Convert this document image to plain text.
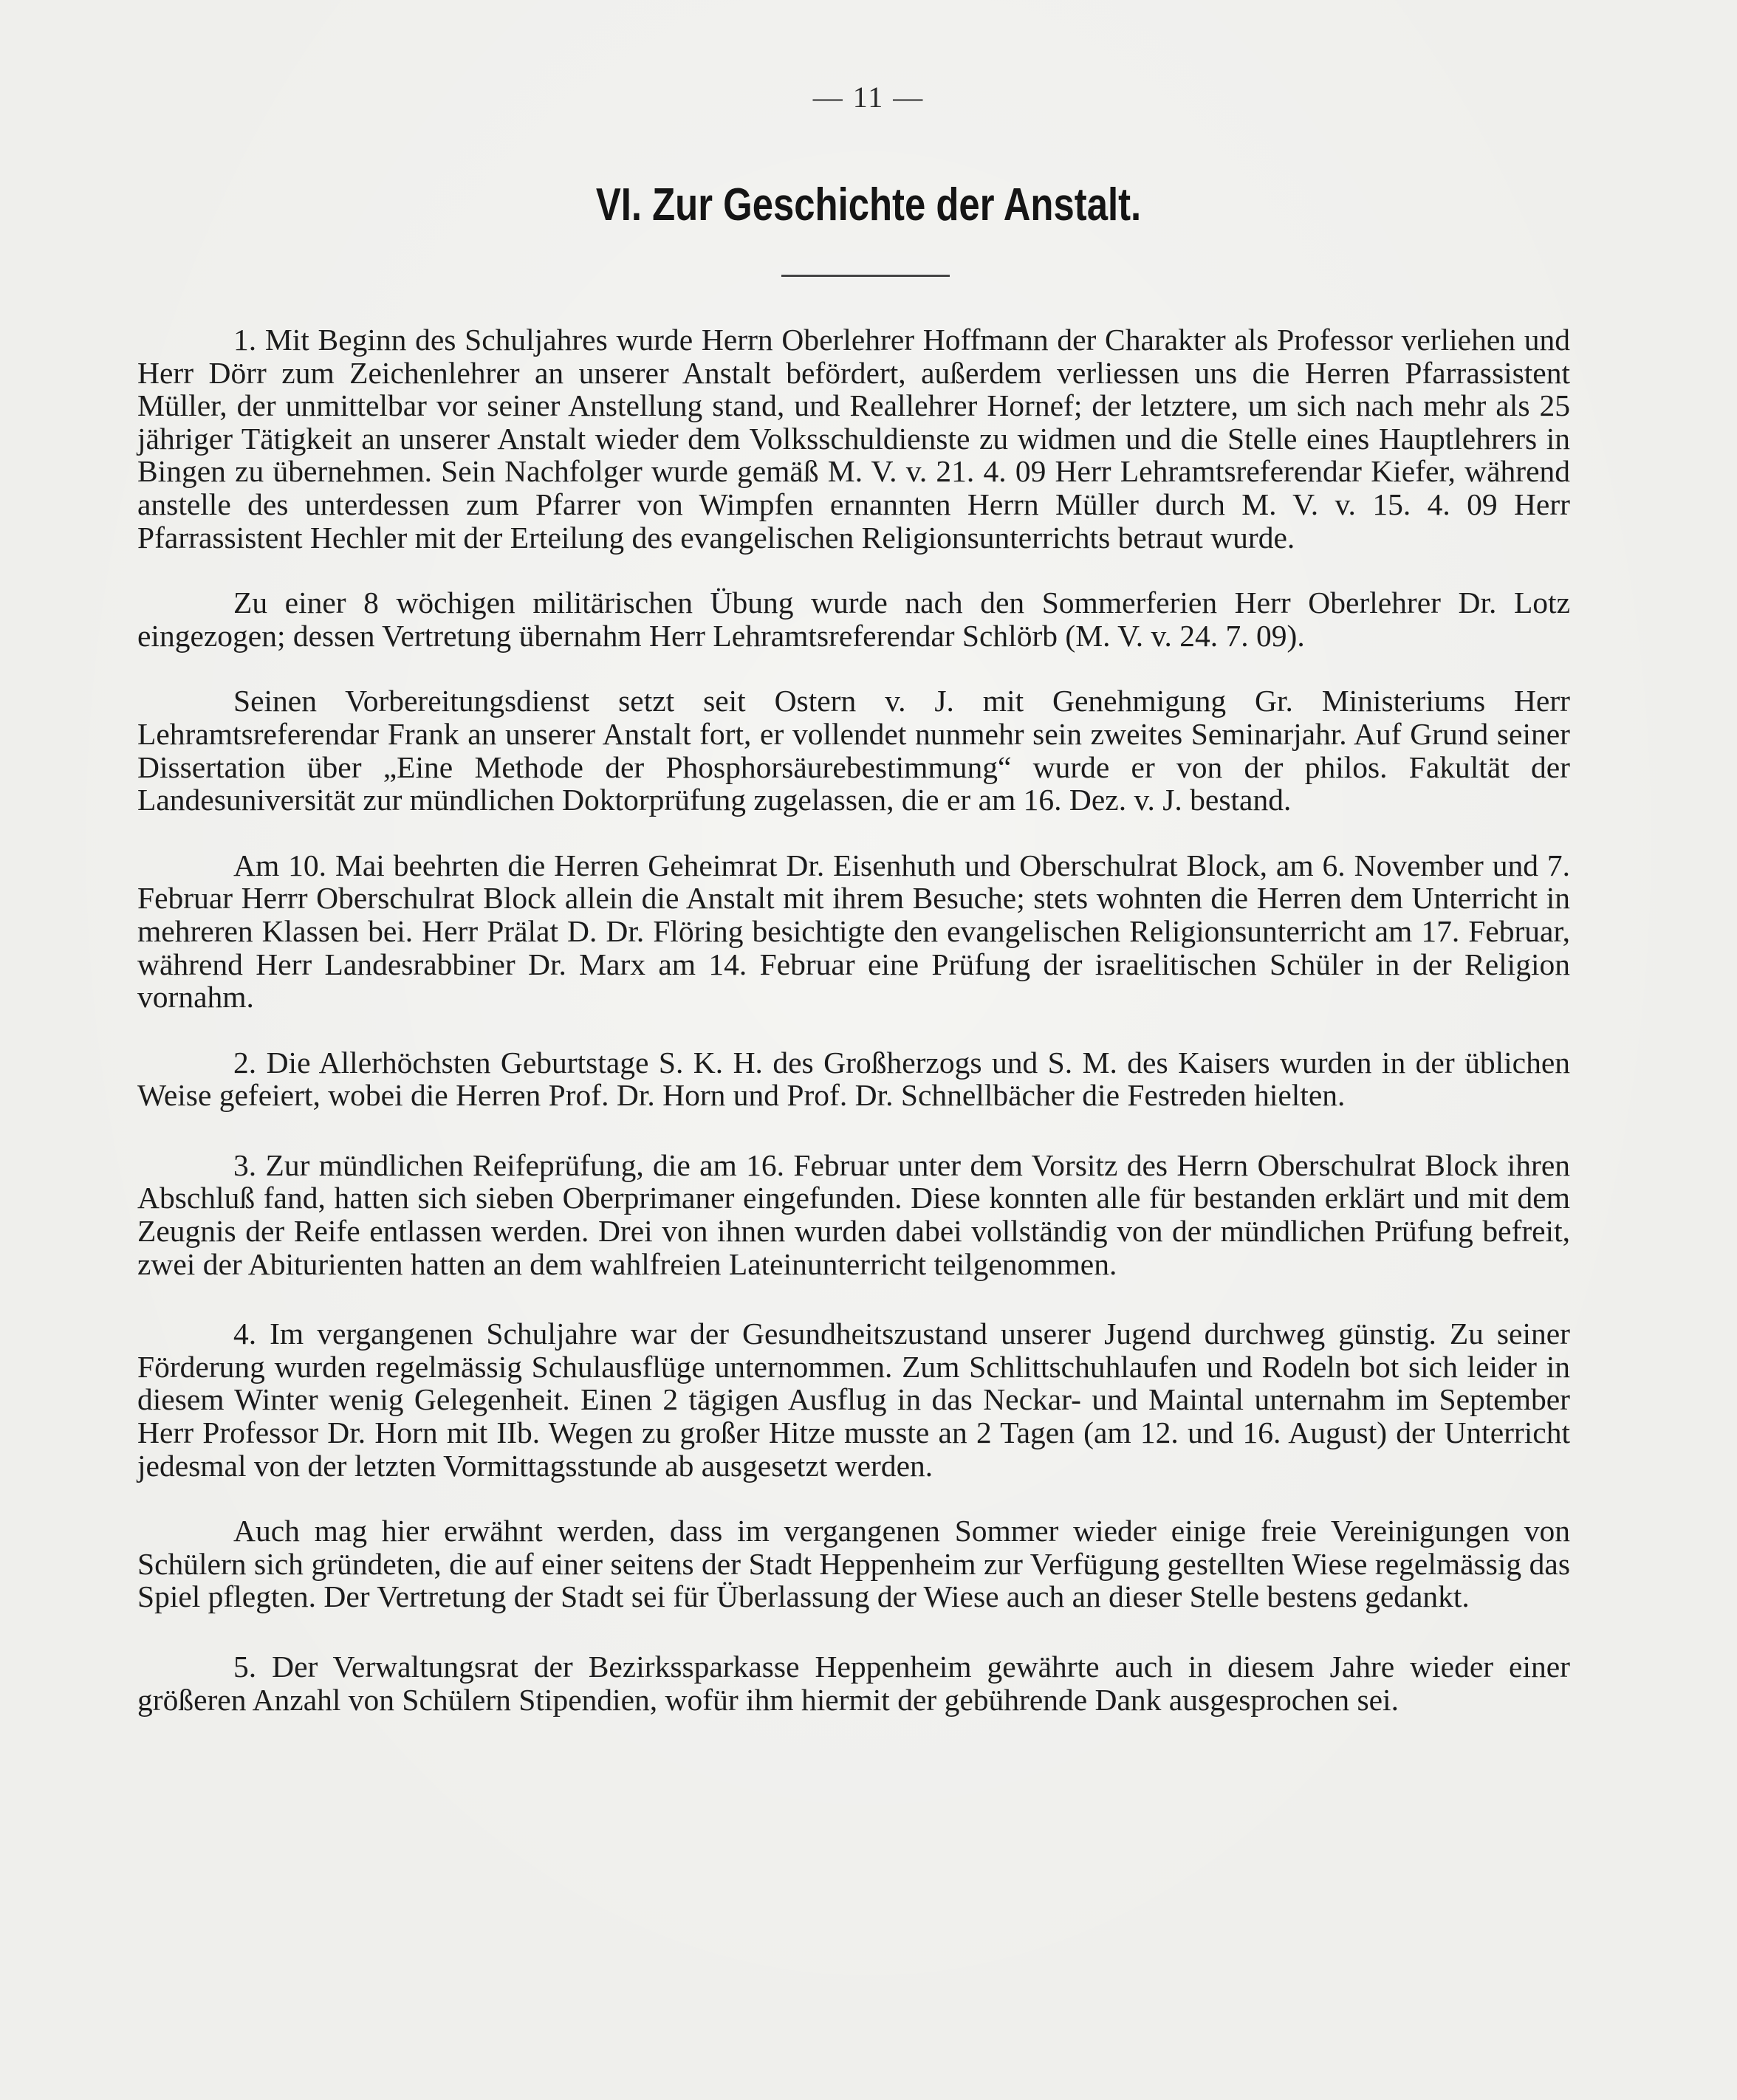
— 11 —
VI. Zur Geschichte der Anstalt.

1. Mit Beginn des Schuljahres wurde Herrn Oberlehrer Hoffmann der Charakter als Professor verliehen und Herr Dörr zum Zeichenlehrer an unserer Anstalt befördert, außerdem verliessen uns die Herren Pfarrassistent Müller, der unmittelbar vor seiner Anstellung stand, und Reallehrer Hornef; der letztere, um sich nach mehr als 25 jähriger Tätigkeit an unserer Anstalt wieder dem Volksschuldienste zu widmen und die Stelle eines Hauptlehrers in Bingen zu übernehmen. Sein Nachfolger wurde gemäß M. V. v. 21. 4. 09 Herr Lehramtsreferendar Kiefer, während anstelle des unterdessen zum Pfarrer von Wimpfen ernannten Herrn Müller durch M. V. v. 15. 4. 09 Herr Pfarrassistent Hechler mit der Erteilung des evangelischen Religionsunterrichts betraut wurde.

Zu einer 8 wöchigen militärischen Übung wurde nach den Sommerferien Herr Oberlehrer Dr. Lotz eingezogen; dessen Vertretung übernahm Herr Lehramtsreferendar Schlörb (M. V. v. 24. 7. 09).

Seinen Vorbereitungsdienst setzt seit Ostern v. J. mit Genehmigung Gr. Ministeriums Herr Lehramtsreferendar Frank an unserer Anstalt fort, er vollendet nunmehr sein zweites Seminarjahr. Auf Grund seiner Dissertation über „Eine Methode der Phosphorsäurebestimmung“ wurde er von der philos. Fakultät der Landesuniversität zur mündlichen Doktorprüfung zugelassen, die er am 16. Dez. v. J. bestand.

Am 10. Mai beehrten die Herren Geheimrat Dr. Eisenhuth und Oberschulrat Block, am 6. November und 7. Februar Herrr Oberschulrat Block allein die Anstalt mit ihrem Besuche; stets wohnten die Herren dem Unterricht in mehreren Klassen bei. Herr Prälat D. Dr. Flöring besichtigte den evangelischen Religionsunterricht am 17. Februar, während Herr Landesrabbiner Dr. Marx am 14. Februar eine Prüfung der israelitischen Schüler in der Religion vornahm.

2. Die Allerhöchsten Geburtstage S. K. H. des Großherzogs und S. M. des Kaisers wurden in der üblichen Weise gefeiert, wobei die Herren Prof. Dr. Horn und Prof. Dr. Schnellbächer die Festreden hielten.

3. Zur mündlichen Reifeprüfung, die am 16. Februar unter dem Vorsitz des Herrn Oberschulrat Block ihren Abschluß fand, hatten sich sieben Oberprimaner eingefunden. Diese konnten alle für bestanden erklärt und mit dem Zeugnis der Reife entlassen werden. Drei von ihnen wurden dabei vollständig von der mündlichen Prüfung befreit, zwei der Abiturienten hatten an dem wahlfreien Lateinunterricht teilgenommen.

4. Im vergangenen Schuljahre war der Gesundheitszustand unserer Jugend durchweg günstig. Zu seiner Förderung wurden regelmässig Schulausflüge unternommen. Zum Schlittschuhlaufen und Rodeln bot sich leider in diesem Winter wenig Gelegenheit. Einen 2 tägigen Ausflug in das Neckar- und Maintal unternahm im September Herr Professor Dr. Horn mit IIb. Wegen zu großer Hitze musste an 2 Tagen (am 12. und 16. August) der Unterricht jedesmal von der letzten Vormittagsstunde ab ausgesetzt werden.

Auch mag hier erwähnt werden, dass im vergangenen Sommer wieder einige freie Vereinigungen von Schülern sich gründeten, die auf einer seitens der Stadt Heppenheim zur Verfügung gestellten Wiese regelmässig das Spiel pflegten. Der Vertretung der Stadt sei für Überlassung der Wiese auch an dieser Stelle bestens gedankt.

5. Der Verwaltungsrat der Bezirkssparkasse Heppenheim gewährte auch in diesem Jahre wieder einer größeren Anzahl von Schülern Stipendien, wofür ihm hiermit der gebührende Dank ausgesprochen sei.
